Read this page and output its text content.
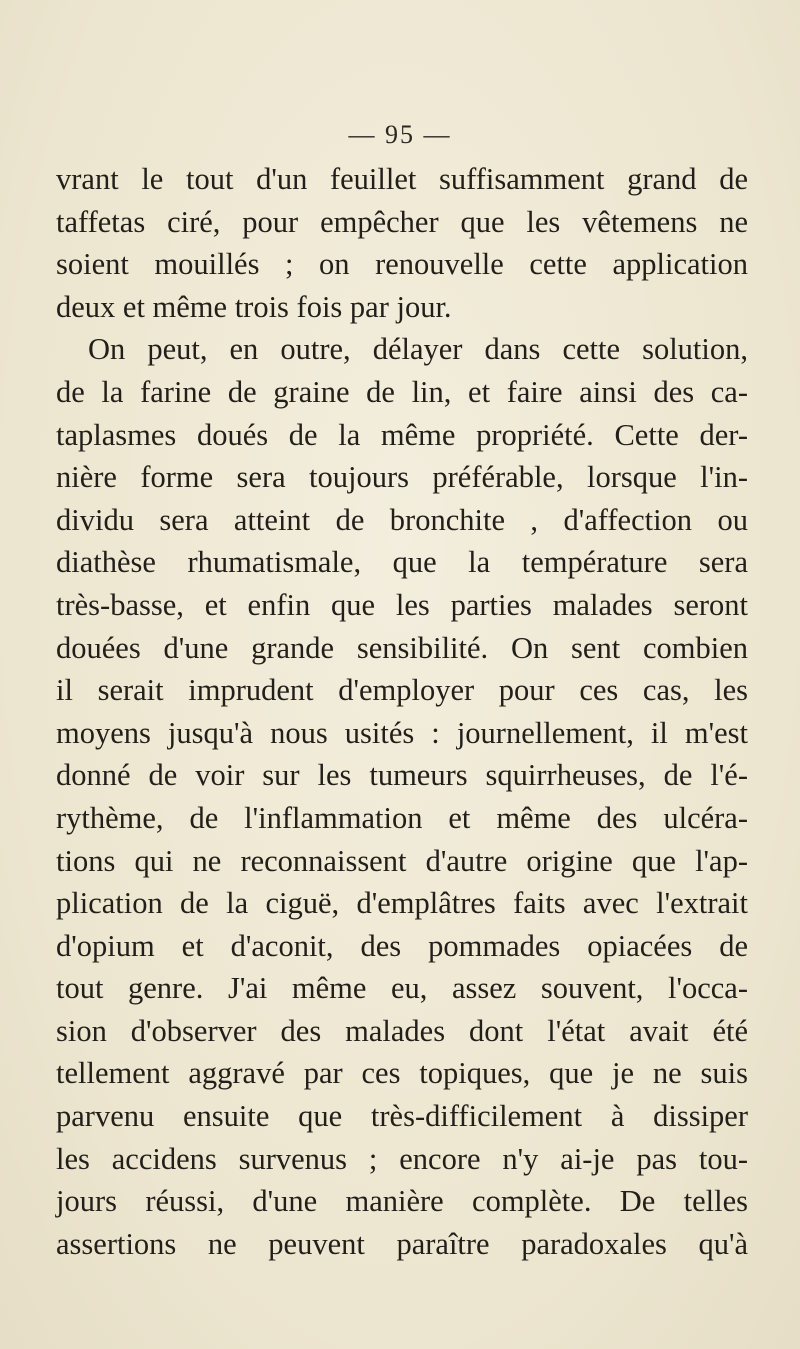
— 95 —
vrant le tout d'un feuillet suffisamment grand de
taffetas ciré, pour empêcher que les vêtemens ne
soient mouillés ; on renouvelle cette application
deux et même trois fois par jour.
On peut, en outre, délayer dans cette solution,
de la farine de graine de lin, et faire ainsi des ca-
taplasmes doués de la même propriété. Cette der-
nière forme sera toujours préférable, lorsque l'in-
dividu sera atteint de bronchite , d'affection ou
diathèse rhumatismale, que la température sera
très-basse, et enfin que les parties malades seront
douées d'une grande sensibilité. On sent combien
il serait imprudent d'employer pour ces cas, les
moyens jusqu'à nous usités : journellement, il m'est
donné de voir sur les tumeurs squirrheuses, de l'é-
rythème, de l'inflammation et même des ulcéra-
tions qui ne reconnaissent d'autre origine que l'ap-
plication de la ciguë, d'emplâtres faits avec l'extrait
d'opium et d'aconit, des pommades opiacées de
tout genre. J'ai même eu, assez souvent, l'occa-
sion d'observer des malades dont l'état avait été
tellement aggravé par ces topiques, que je ne suis
parvenu ensuite que très-difficilement à dissiper
les accidens survenus ; encore n'y ai-je pas tou-
jours réussi, d'une manière complète. De telles
assertions ne peuvent paraître paradoxales qu'à
